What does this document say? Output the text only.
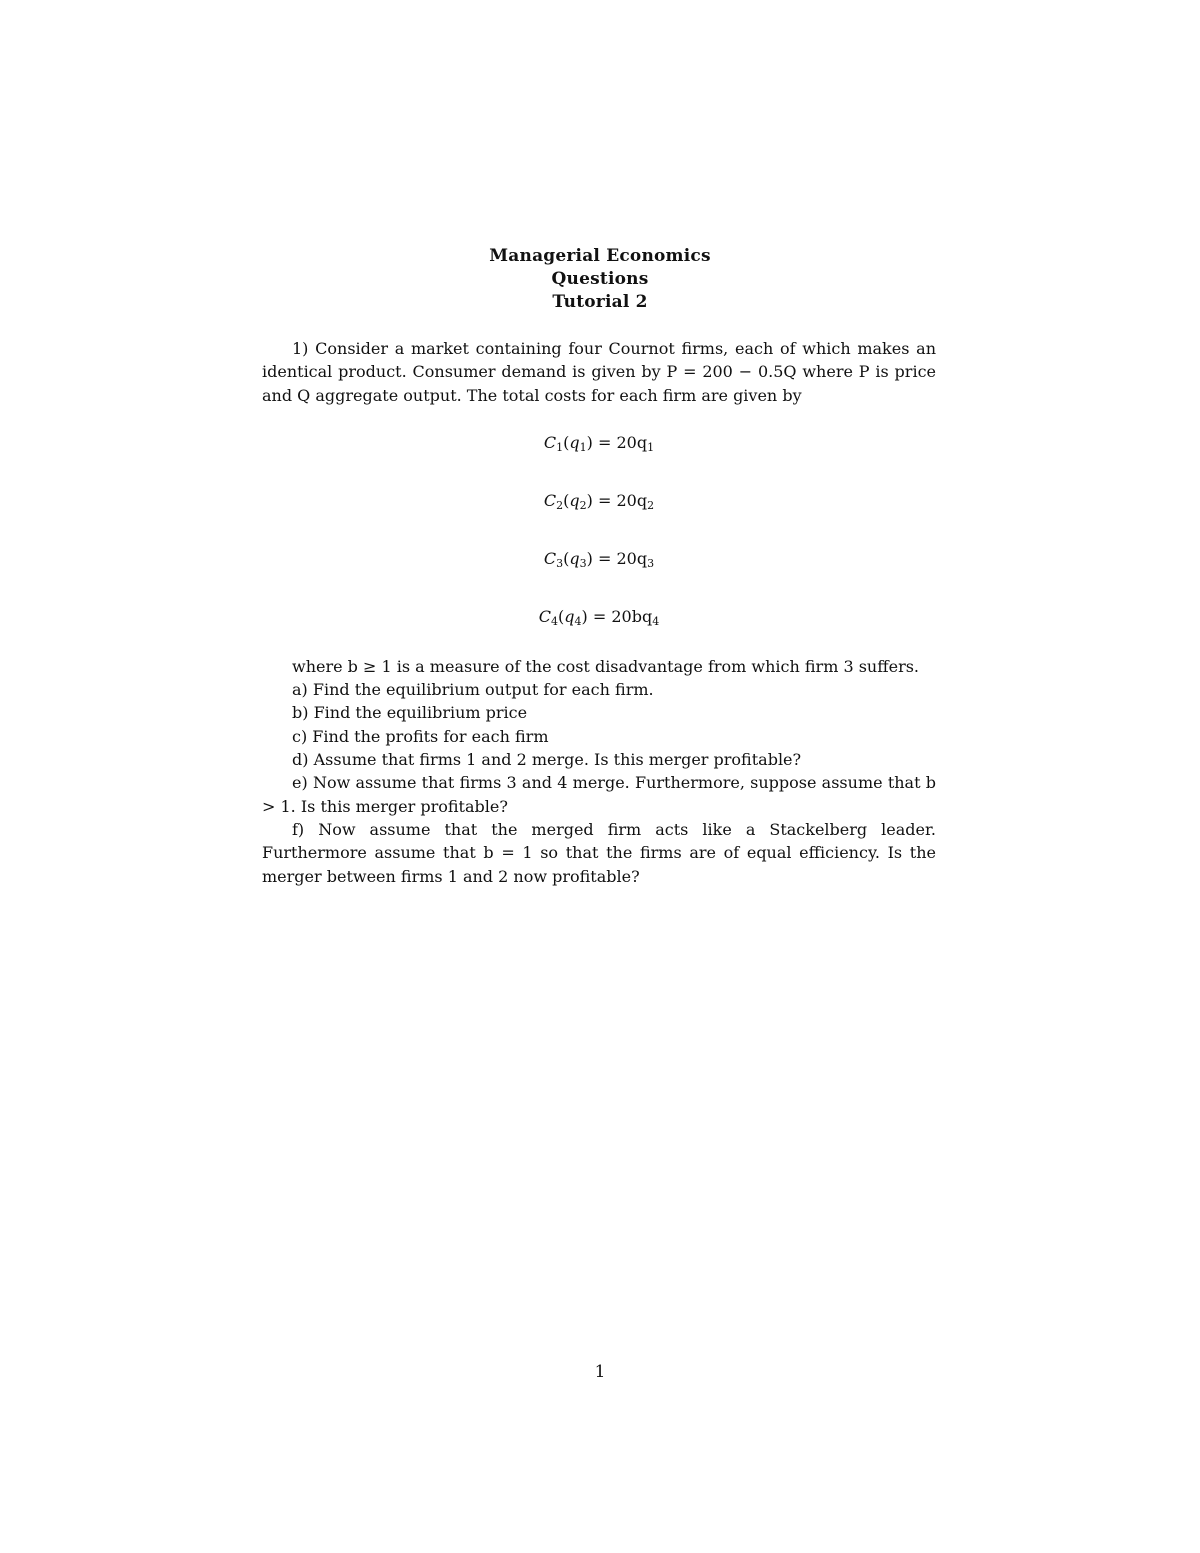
Managerial Economics
Questions
Tutorial 2

1) Consider a market containing four Cournot firms, each of which makes an identical product. Consumer demand is given by P = 200 − 0.5Q where P is price and Q aggregate output. The total costs for each firm are given by

$C_1(q_1) = 20q_1$
$C_2(q_2) = 20q_2$
$C_3(q_3) = 20q_3$
$C_4(q_4) = 20bq_4$

where b ≥ 1 is a measure of the cost disadvantage from which firm 3 suffers.

a) Find the equilibrium output for each firm.

b) Find the equilibrium price

c) Find the profits for each firm

d) Assume that firms 1 and 2 merge. Is this merger profitable?

e) Now assume that firms 3 and 4 merge. Furthermore, suppose assume that b > 1. Is this merger profitable?

f) Now assume that the merged firm acts like a Stackelberg leader. Furthermore assume that b = 1 so that the firms are of equal efficiency. Is the merger between firms 1 and 2 now profitable?

1
